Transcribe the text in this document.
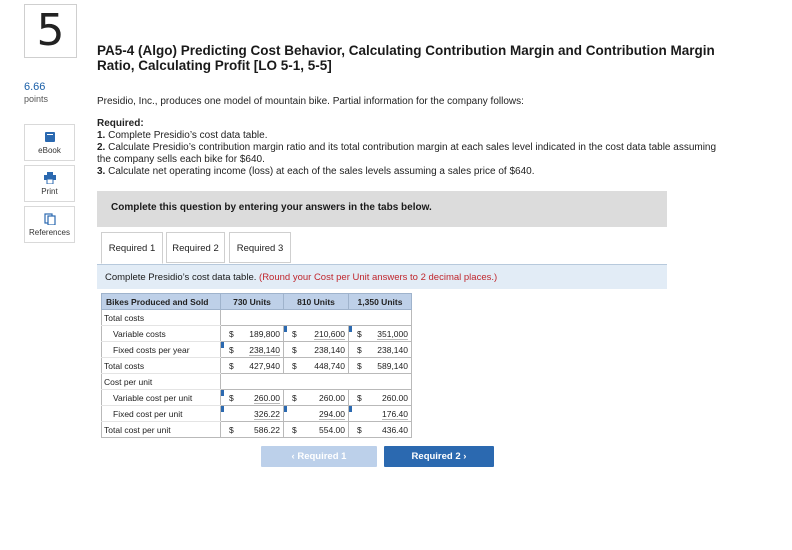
5
6.66
points
eBook
Print
References
PA5-4 (Algo) Predicting Cost Behavior, Calculating Contribution Margin and Contribution Margin Ratio, Calculating Profit [LO 5-1, 5-5]
Presidio, Inc., produces one model of mountain bike. Partial information for the company follows:
Required:
1. Complete Presidio’s cost data table.
2. Calculate Presidio’s contribution margin ratio and its total contribution margin at each sales level indicated in the cost data table assuming the company sells each bike for $640.
3. Calculate net operating income (loss) at each of the sales levels assuming a sales price of $640.
Complete this question by entering your answers in the tabs below.
Required 1	Required 2	Required 3
Complete Presidio’s cost data table. (Round your Cost per Unit answers to 2 decimal places.)
Bikes Produced and Sold	730 Units	810 Units	1,350 Units
Total costs			
Variable costs	$ 189,800	$ 210,600	$ 351,000

Fixed costs per year	$ 238,140	$ 238,140	$ 238,140

Total costs	$ 427,940	$ 448,740	$ 589,140

Cost per unit			
Variable cost per unit	$ 260.00	$ 260.00	$ 260.00

Fixed cost per unit	326.22	294.00	176.40

Total cost per unit	$ 586.22	$ 554.00	$ 436.40
‹ Required 1	Required 2 ›
